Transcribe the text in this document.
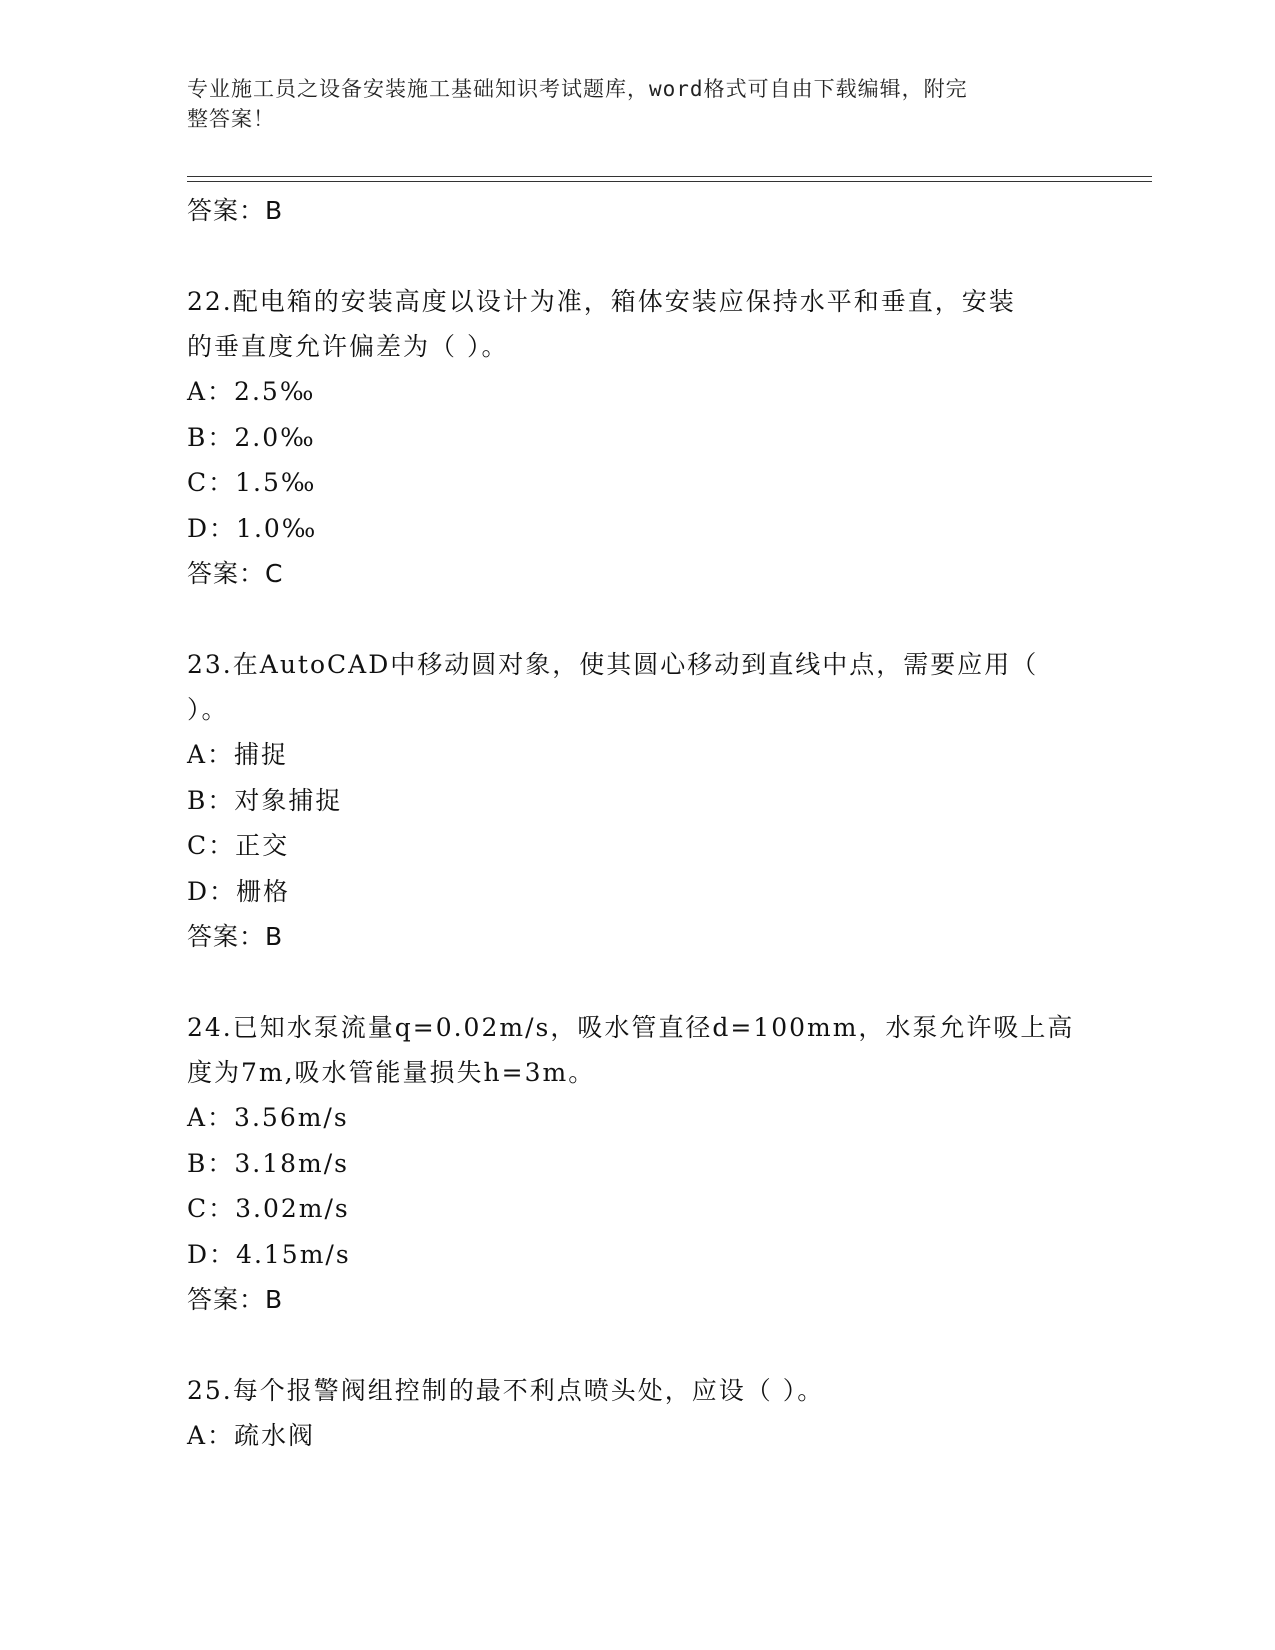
专业施工员之设备安装施工基础知识考试题库，word格式可自由下载编辑，附完
整答案！
答案：B
22.配电箱的安装高度以设计为准，箱体安装应保持水平和垂直，安装
的垂直度允许偏差为（ ）。
A：2.5‰
B：2.0‰
C：1.5‰
D：1.0‰
答案：C
23.在AutoCAD中移动圆对象，使其圆心移动到直线中点，需要应用（
）。
A：捕捉
B：对象捕捉
C：正交
D：栅格
答案：B
24.已知水泵流量q=0.02m/s，吸水管直径d=100mm，水泵允许吸上高
度为7m,吸水管能量损失h=3m。
A：3.56m/s
B：3.18m/s
C：3.02m/s
D：4.15m/s
答案：B
25.每个报警阀组控制的最不利点喷头处，应设（ ）。
A：疏水阀
